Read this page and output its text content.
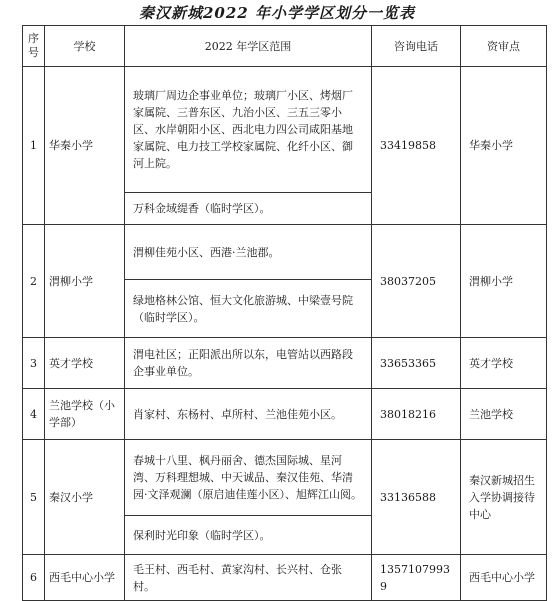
秦汉新城2022 年小学学区划分一览表
序号	学校	2022 年学区范围	咨询电话	资审点
1	华秦小学	玻璃厂周边企事业单位；玻璃厂小区、烤烟厂家属院、三普东区、九治小区、三五三零小区、水岸朝阳小区、西北电力四公司咸阳基地家属院、电力技工学校家属院、化纤小区、御河上院。	33419858	华秦小学
		万科金域缇香（临时学区）。		
2	渭柳小学	渭柳佳苑小区、西港·兰池郡。	38037205	渭柳小学
		绿地格林公馆、恒大文化旅游城、中梁壹号院（临时学区）。		
3	英才学校	渭电社区；正阳派出所以东，电管站以西路段企事业单位。	33653365	英才学校
4	兰池学校（小学部）	肖家村、东杨村、卓所村、兰池佳苑小区。	38018216	兰池学校
5	秦汉小学	春城十八里、枫丹丽舍、德杰国际城、星河湾、万科理想城、中天诚品、秦汉佳苑、华清园·文泽观澜（原启迪佳莲小区）、旭辉江山阅。	33136588	秦汉新城招生入学协调接待中心
		保利时光印象（临时学区）。		
6	西毛中心小学	毛王村、西毛村、黄家沟村、长兴村、仓张村。	13571079939	西毛中心小学
